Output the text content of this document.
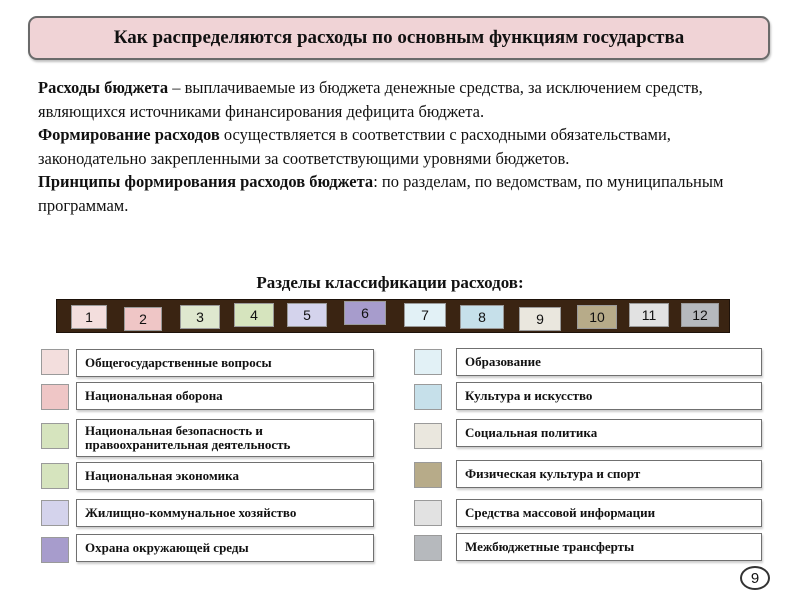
Как распределяются расходы по основным функциям государства

Расходы бюджета – выплачиваемые из бюджета денежные средства, за исключением средств, являющихся источниками финансирования дефицита бюджета.

Формирование расходов осуществляется в соответствии с расходными обязательствами, законодательно закрепленными за соответствующими уровнями бюджетов.

Принципы формирования расходов бюджета: по разделам, по ведомствам, по муниципальным программам.

Разделы классификации расходов:
1	2	3	4	5	6	7	8	9	10	11	12
Общегосударственные вопросы
Национальная оборона
Национальная безопасность и правоохранительная деятельность
Национальная экономика
Жилищно-коммунальное хозяйство
Охрана окружающей среды
Образование
Культура и искусство
Социальная политика
Физическая культура и спорт
Средства массовой информации
Межбюджетные трансферты
9
